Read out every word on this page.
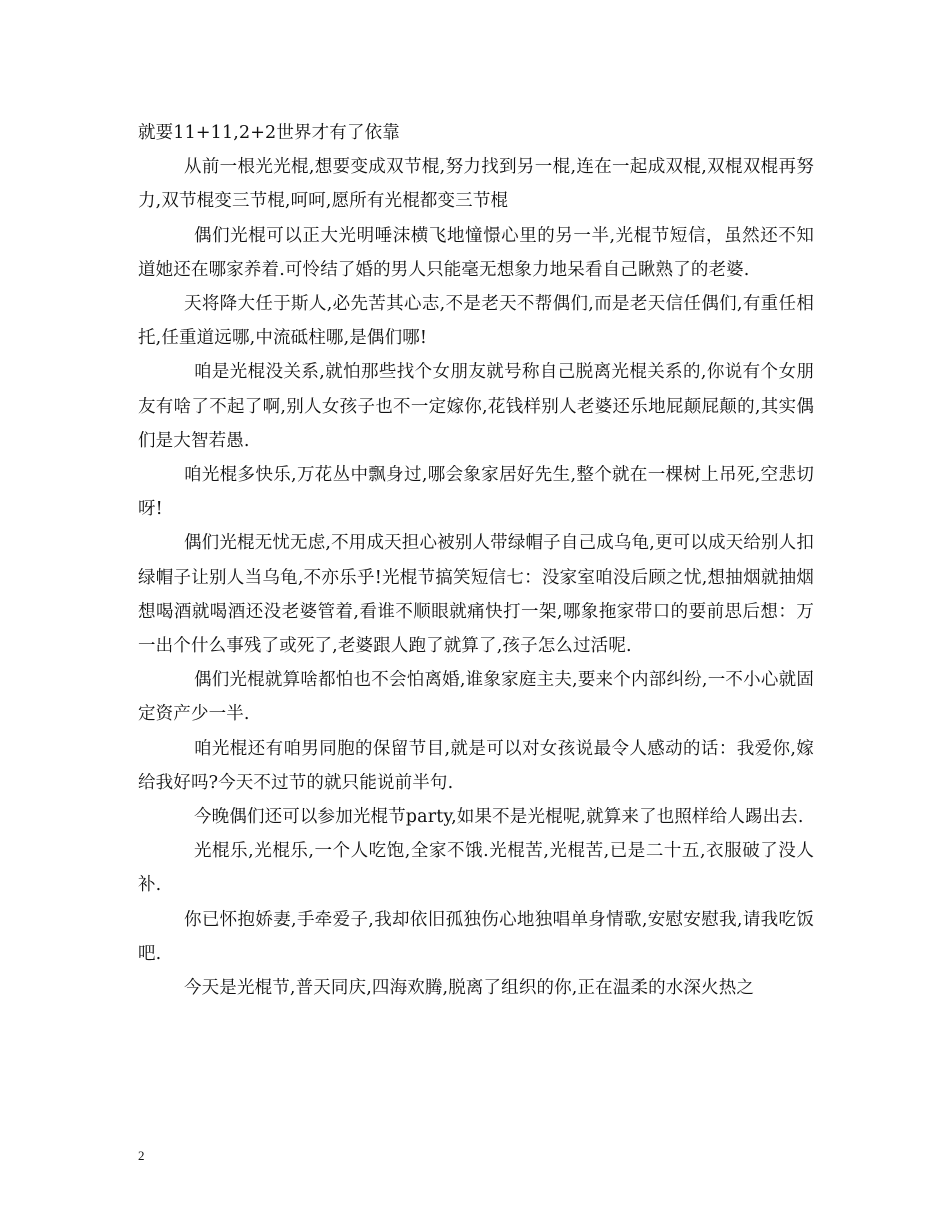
就要11+11,2+2世界才有了依靠

从前一根光光棍,想要变成双节棍,努力找到另一棍,连在一起成双棍,双棍双棍再努力,双节棍变三节棍,呵呵,愿所有光棍都变三节棍

偶们光棍可以正大光明唾沫横飞地憧憬心里的另一半,光棍节短信，虽然还不知道她还在哪家养着.可怜结了婚的男人只能毫无想象力地呆看自己瞅熟了的老婆.

天将降大任于斯人,必先苦其心志,不是老天不帮偶们,而是老天信任偶们,有重任相托,任重道远哪,中流砥柱哪,是偶们哪!

咱是光棍没关系,就怕那些找个女朋友就号称自己脱离光棍关系的,你说有个女朋友有啥了不起了啊,别人女孩子也不一定嫁你,花钱样别人老婆还乐地屁颠屁颠的,其实偶们是大智若愚.

咱光棍多快乐,万花丛中飘身过,哪会象家居好先生,整个就在一棵树上吊死,空悲切呀!

偶们光棍无忧无虑,不用成天担心被别人带绿帽子自己成乌龟,更可以成天给别人扣绿帽子让别人当乌龟,不亦乐乎!光棍节搞笑短信七：没家室咱没后顾之忧,想抽烟就抽烟想喝酒就喝酒还没老婆管着,看谁不顺眼就痛快打一架,哪象拖家带口的要前思后想：万一出个什么事残了或死了,老婆跟人跑了就算了,孩子怎么过活呢.

偶们光棍就算啥都怕也不会怕离婚,谁象家庭主夫,要来个内部纠纷,一不小心就固定资产少一半.

咱光棍还有咱男同胞的保留节目,就是可以对女孩说最令人感动的话：我爱你,嫁给我好吗?今天不过节的就只能说前半句.

今晚偶们还可以参加光棍节party,如果不是光棍呢,就算来了也照样给人踢出去.

光棍乐,光棍乐,一个人吃饱,全家不饿.光棍苦,光棍苦,已是二十五,衣服破了没人补.

你已怀抱娇妻,手牵爱子,我却依旧孤独伤心地独唱单身情歌,安慰安慰我,请我吃饭吧.

今天是光棍节,普天同庆,四海欢腾,脱离了组织的你,正在温柔的水深火热之

2
